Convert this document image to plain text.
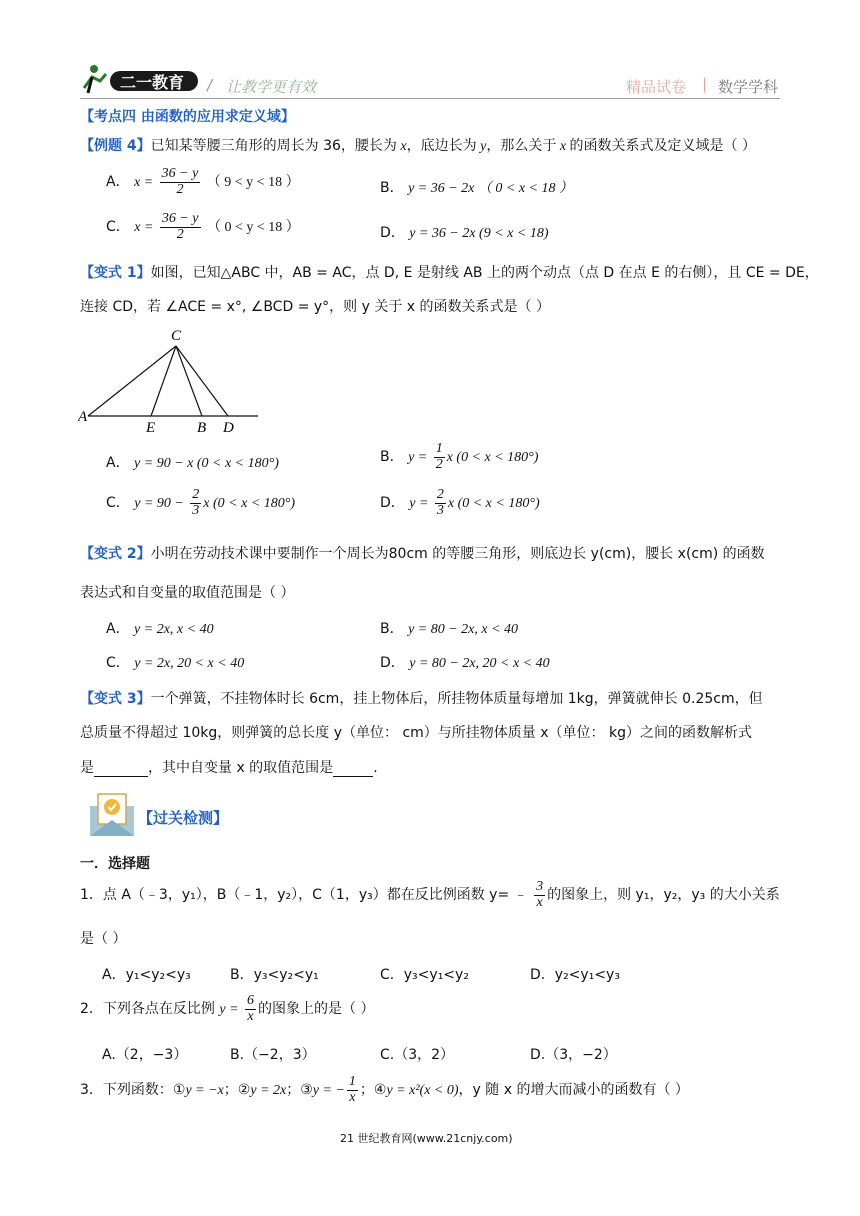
二一教育 / 让教学更有效	精品试卷 | 数学学科
【考点四 由函数的应用求定义域】
【例题 4】已知某等腰三角形的周长为 36，腰长为 x，底边长为 y，那么关于 x 的函数关系式及定义域是（ ）
A． $x = \frac{36 - y}{2}$ （ 9 < y < 18 ）	B． y = 36 − 2x （ 0 < x < 18 ）
C． $x = \frac{36 - y}{2}$ （ 0 < y < 18 ）	D． y = 36 − 2x (9 < x < 18)
【变式 1】如图，已知△ABC 中，AB = AC，点 D, E 是射线 AB 上的两个动点（点 D 在点 E 的右侧），且 CE = DE，
连接 CD，若 ∠ACE = x°, ∠BCD = y°，则 y 关于 x 的函数关系式是（ ）
C
A
E	B D
A． y = 90 − x (0 < x < 180°)	B． $y = \frac{1}{2}$ x (0 < x < 180°)
C． $y = 90 - \frac{2}{3}$ x (0 < x < 180°)	D． $y = \frac{2}{3}$ x (0 < x < 180°)
【变式 2】小明在劳动技术课中要制作一个周长为80cm 的等腰三角形，则底边长 y(cm)，腰长 x(cm) 的函数
表达式和自变量的取值范围是（ ）
A． y = 2x, x < 40	B． y = 80 − 2x, x < 40
C． y = 2x, 20 < x < 40	D． y = 80 − 2x, 20 < x < 40
【变式 3】一个弹簧，不挂物体时长 6cm，挂上物体后，所挂物体质量每增加 1kg，弹簧就伸长 0.25cm，但
总质量不得超过 10kg，则弹簧的总长度 y（单位： cm）与所挂物体质量 x（单位： kg）之间的函数解析式
是	，其中自变量 x 的取值范围是	.
【过关检测】
一．选择题
1．点 A（﹣3，y₁），B（﹣1，y₂），C（1，y₃）都在反比例函数 y= ﹣ $\frac{3}{x}$ 的图象上，则 y₁，y₂，y₃ 的大小关系
是（ ）
A．y₁<y₂<y₃	B．y₃<y₂<y₁	C．y₃<y₁<y₂	D．y₂<y₁<y₃
2．下列各点在反比例 $y = \frac{6}{x}$ 的图象上的是（ ）
A.（2，−3）	B.（−2，3）	C.（3，2）	D.（3，−2）
3．下列函数：①y = −x；②y = 2x；③y = − $\frac{1}{x}$ ；④y = x²(x < 0)，y 随 x 的增大而减小的函数有（ ）
21 世纪教育网(www.21cnjy.com)
